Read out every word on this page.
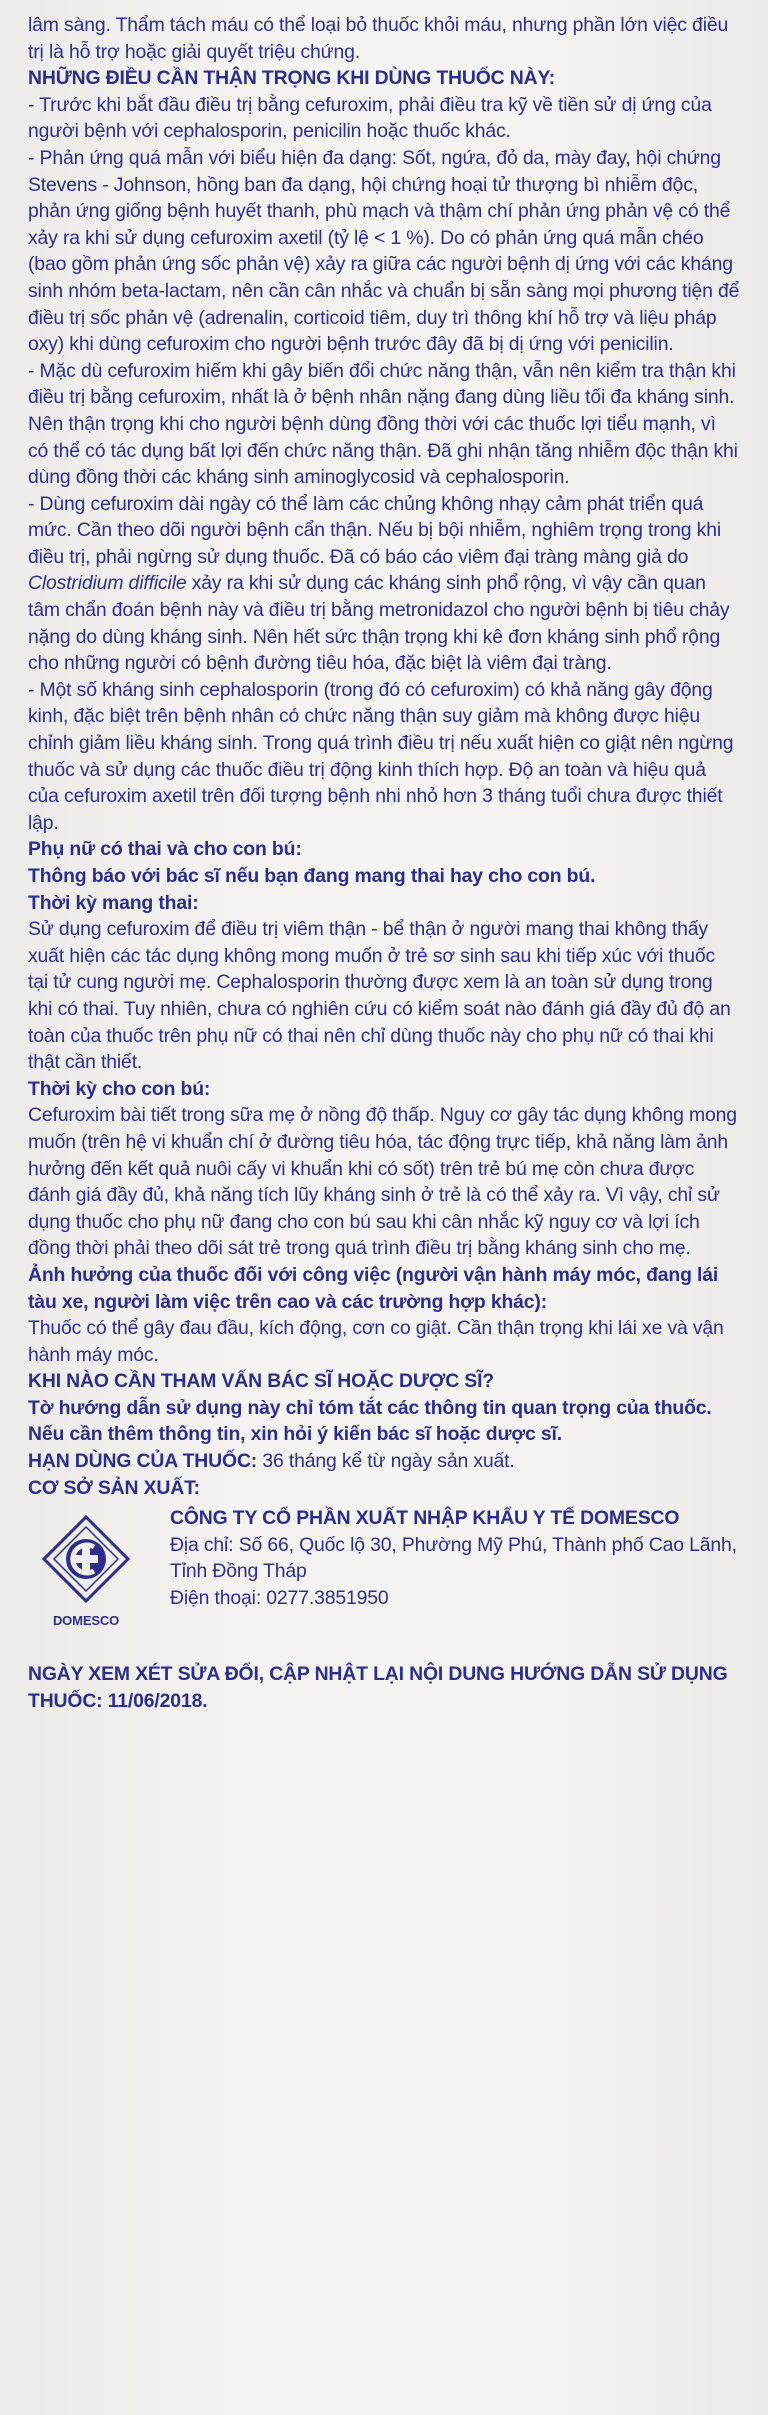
lâm sàng. Thẩm tách máu có thể loại bỏ thuốc khỏi máu, nhưng phần lớn việc điều trị là hỗ trợ hoặc giải quyết triệu chứng.

NHỮNG ĐIỀU CẦN THẬN TRỌNG KHI DÙNG THUỐC NÀY:

- Trước khi bắt đầu điều trị bằng cefuroxim, phải điều tra kỹ về tiền sử dị ứng của người bệnh với cephalosporin, penicilin hoặc thuốc khác.

- Phản ứng quá mẫn với biểu hiện đa dạng: Sốt, ngứa, đỏ da, mày đay, hội chứng Stevens - Johnson, hồng ban đa dạng, hội chứng hoại tử thượng bì nhiễm độc, phản ứng giống bệnh huyết thanh, phù mạch và thậm chí phản ứng phản vệ có thể xảy ra khi sử dụng cefuroxim axetil (tỷ lệ < 1 %). Do có phản ứng quá mẫn chéo (bao gồm phản ứng sốc phản vệ) xảy ra giữa các người bệnh dị ứng với các kháng sinh nhóm beta-lactam, nên cần cân nhắc và chuẩn bị sẵn sàng mọi phương tiện để điều trị sốc phản vệ (adrenalin, corticoid tiêm, duy trì thông khí hỗ trợ và liệu pháp oxy) khi dùng cefuroxim cho người bệnh trước đây đã bị dị ứng với penicilin.

- Mặc dù cefuroxim hiếm khi gây biến đổi chức năng thận, vẫn nên kiểm tra thận khi điều trị bằng cefuroxim, nhất là ở bệnh nhân nặng đang dùng liều tối đa kháng sinh. Nên thận trọng khi cho người bệnh dùng đồng thời với các thuốc lợi tiểu mạnh, vì có thể có tác dụng bất lợi đến chức năng thận. Đã ghi nhận tăng nhiễm độc thận khi dùng đồng thời các kháng sinh aminoglycosid và cephalosporin.

- Dùng cefuroxim dài ngày có thể làm các chủng không nhạy cảm phát triển quá mức. Cần theo dõi người bệnh cẩn thận. Nếu bị bội nhiễm, nghiêm trọng trong khi điều trị, phải ngừng sử dụng thuốc. Đã có báo cáo viêm đại tràng màng giả do Clostridium difficile xảy ra khi sử dụng các kháng sinh phổ rộng, vì vậy cần quan tâm chẩn đoán bệnh này và điều trị bằng metronidazol cho người bệnh bị tiêu chảy nặng do dùng kháng sinh. Nên hết sức thận trọng khi kê đơn kháng sinh phổ rộng cho những người có bệnh đường tiêu hóa, đặc biệt là viêm đại tràng.

- Một số kháng sinh cephalosporin (trong đó có cefuroxim) có khả năng gây động kinh, đặc biệt trên bệnh nhân có chức năng thận suy giảm mà không được hiệu chỉnh giảm liều kháng sinh. Trong quá trình điều trị nếu xuất hiện co giật nên ngừng thuốc và sử dụng các thuốc điều trị động kinh thích hợp. Độ an toàn và hiệu quả của cefuroxim axetil trên đối tượng bệnh nhi nhỏ hơn 3 tháng tuổi chưa được thiết lập.

Phụ nữ có thai và cho con bú:

Thông báo với bác sĩ nếu bạn đang mang thai hay cho con bú.

Thời kỳ mang thai:

Sử dụng cefuroxim để điều trị viêm thận - bể thận ở người mang thai không thấy xuất hiện các tác dụng không mong muốn ở trẻ sơ sinh sau khi tiếp xúc với thuốc tại tử cung người mẹ. Cephalosporin thường được xem là an toàn sử dụng trong khi có thai. Tuy nhiên, chưa có nghiên cứu có kiểm soát nào đánh giá đầy đủ độ an toàn của thuốc trên phụ nữ có thai nên chỉ dùng thuốc này cho phụ nữ có thai khi thật cần thiết.

Thời kỳ cho con bú:

Cefuroxim bài tiết trong sữa mẹ ở nồng độ thấp. Nguy cơ gây tác dụng không mong muốn (trên hệ vi khuẩn chí ở đường tiêu hóa, tác động trực tiếp, khả năng làm ảnh hưởng đến kết quả nuôi cấy vi khuẩn khi có sốt) trên trẻ bú mẹ còn chưa được đánh giá đầy đủ, khả năng tích lũy kháng sinh ở trẻ là có thể xảy ra. Vì vậy, chỉ sử dụng thuốc cho phụ nữ đang cho con bú sau khi cân nhắc kỹ nguy cơ và lợi ích đồng thời phải theo dõi sát trẻ trong quá trình điều trị bằng kháng sinh cho mẹ.

Ảnh hưởng của thuốc đối với công việc (người vận hành máy móc, đang lái tàu xe, người làm việc trên cao và các trường hợp khác):

Thuốc có thể gây đau đầu, kích động, cơn co giật. Cần thận trọng khi lái xe và vận hành máy móc.

KHI NÀO CẦN THAM VẤN BÁC SĨ HOẶC DƯỢC SĨ?

Tờ hướng dẫn sử dụng này chỉ tóm tắt các thông tin quan trọng của thuốc. Nếu cần thêm thông tin, xin hỏi ý kiến bác sĩ hoặc dược sĩ.

HẠN DÙNG CỦA THUỐC: 36 tháng kể từ ngày sản xuất.

CƠ SỞ SẢN XUẤT:

DOMESCO

CÔNG TY CỔ PHẦN XUẤT NHẬP KHẨU Y TẾ DOMESCO

Địa chỉ: Số 66, Quốc lộ 30, Phường Mỹ Phú, Thành phố Cao Lãnh, Tỉnh Đồng Tháp

Điện thoại: 0277.3851950

NGÀY XEM XÉT SỬA ĐỔI, CẬP NHẬT LẠI NỘI DUNG HƯỚNG DẪN SỬ DỤNG THUỐC: 11/06/2018.
